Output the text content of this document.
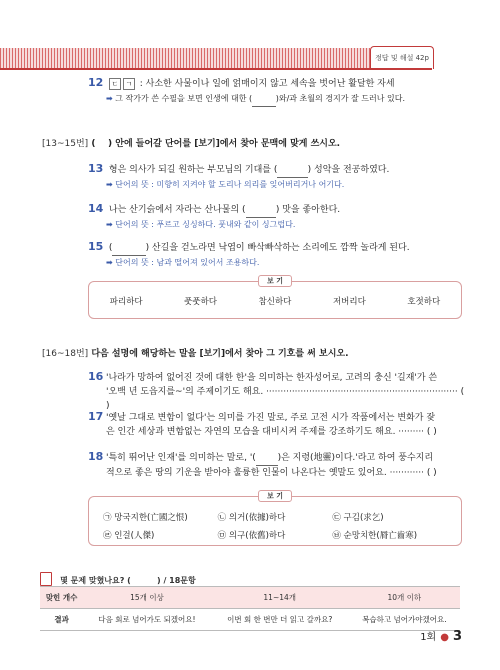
정답 및 해설 42p
12 ㄷ ㄱ : 사소한 사물이나 일에 얽매이지 않고 세속을 벗어난 활달한 자세
➡ 그 작가가 쓴 수필을 보면 인생에 대한 (	)와/과 초월의 경지가 잘 드러나 있다.
[13~15번] ( ) 안에 들어갈 단어를 [보기]에서 찾아 문맥에 맞게 쓰시오.
13 형은 의사가 되길 원하는 부모님의 기대를 (	) 성악을 전공하였다.
➡ 단어의 뜻 : 미향히 지켜야 할 도리나 의리를 잊어버리거나 어기다.
14 나는 산기슭에서 자라는 산나물의 (	) 맛을 좋아한다.
➡ 단어의 뜻 : 푸르고 싱싱하다. 풋내와 같이 싱그럽다.
15 (	) 산길을 걷노라면 낙엽이 빠삭빠삭하는 소리에도 깜짝 놀라게 된다.
➡ 단어의 뜻 : 남과 떨어져 있어서 조용하다.
보 기
파리하다	풋풋하다	참신하다	저버리다	호젓하다
[16~18번] 다음 설명에 해당하는 말을 [보기]에서 찾아 그 기호를 써 보시오.
16 '나라가 망하여 없어진 것에 대한 한'을 의미하는 한자성어로, 고려의 충신 '길재'가 쓴
'오백 년 도읍지를~'의 주제이기도 해요. ··································································· ( )
17 '옛날 그대로 변함이 없다'는 의미를 가진 말로, 주로 고전 시가 작품에서는 변화가 잦
은 인간 세상과 변함없는 자연의 모습을 대비시켜 주제를 강조하기도 해요. ········· ( )
18 '특히 뛰어난 인재'를 의미하는 말로, '( )은 지령(地靈)이다.'라고 하여 풍수지리
적으로 좋은 땅의 기운을 받아야 훌륭한 인물이 나온다는 옛말도 있어요. ············ ( )
보 기
㉠ 망국지한(亡國之恨)	㉡ 의거(依據)하다	㉢ 구김(求乞)
㉣ 인걸(人傑)	㉤ 의구(依舊)하다	㉥ 순망치한(脣亡齒寒)
몇 문제 맞혔나요? (	) / 18문항
맞힌 개수	15개 이상	11~14개	10개 이하
결과	다음 회로 넘어가도 되겠어요!	이번 회 한 번만 더 읽고 갈까요?	복습하고 넘어가야겠어요.
1회 ● 3
